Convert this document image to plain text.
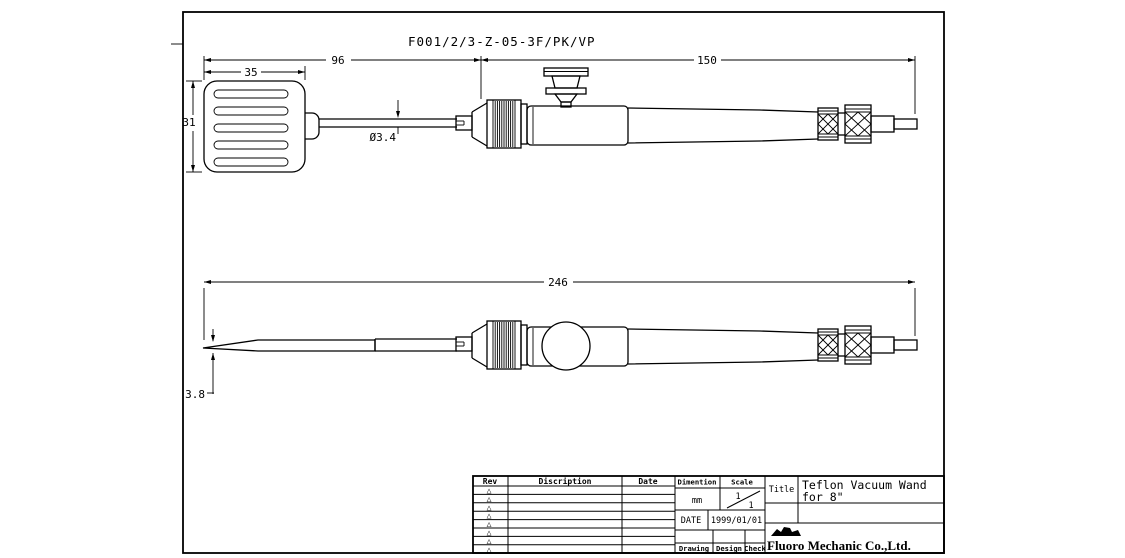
F001/2/3-Z-05-3F/PK/VP
96	150
35
31
Ø3.4
246
3.8
Rev	Discription	Date
△
△
△
△
△
△
△
△
Dimention Scale
mm	1
1
DATE 1999/01/01
Drawing Design Check
Title Teflon Vacuum Wand
for 8"
Fluoro Mechanic Co.,Ltd.
